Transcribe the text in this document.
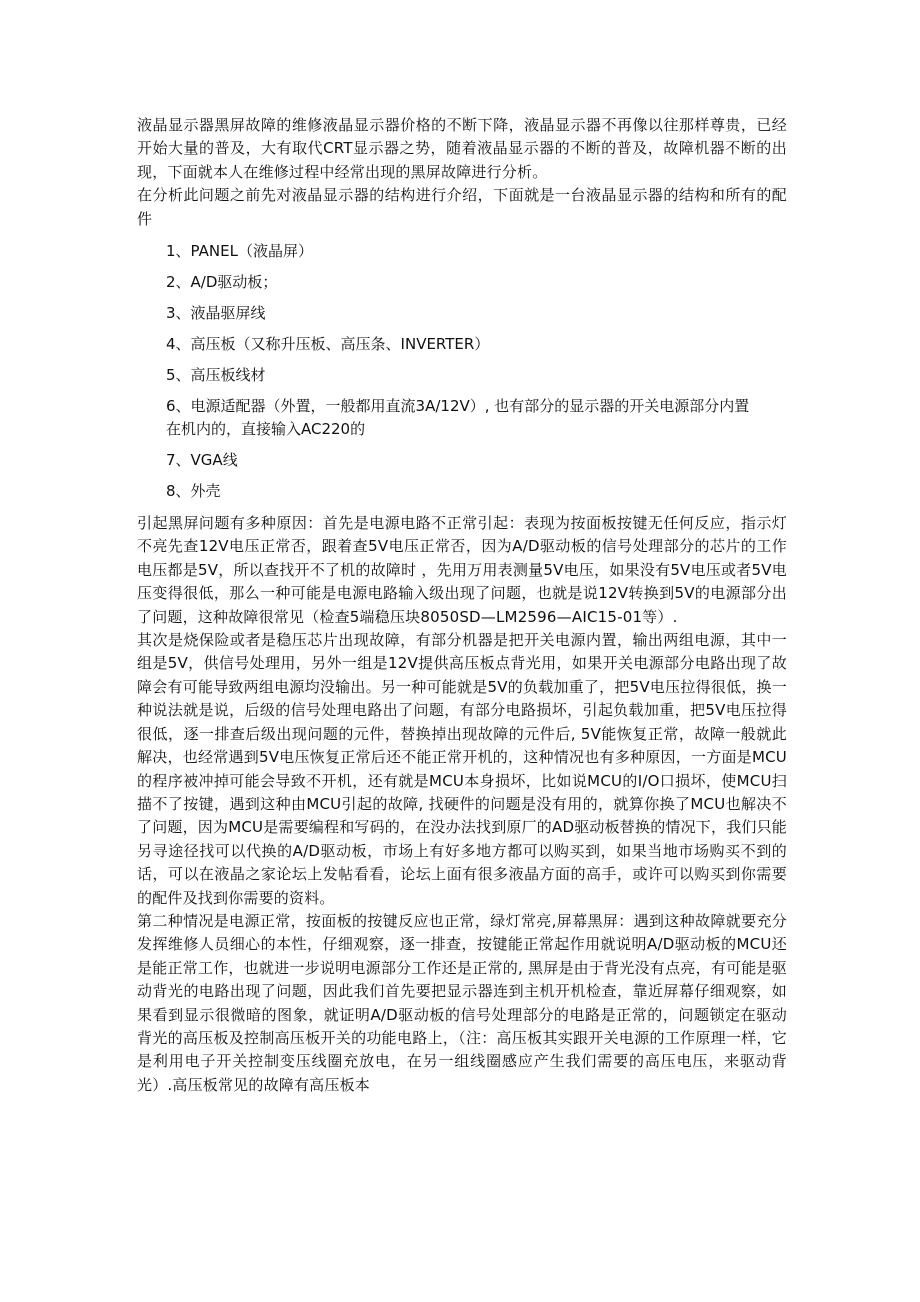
液晶显示器黑屏故障的维修液晶显示器价格的不断下降，液晶显示器不再像以往那样尊贵，已经开始大量的普及，大有取代CRT显示器之势，随着液晶显示器的不断的普及，故障机器不断的出现，下面就本人在维修过程中经常出现的黑屏故障进行分析。

在分析此问题之前先对液晶显示器的结构进行介绍，下面就是一台液晶显示器的结构和所有的配件

1、PANEL（液晶屏）
2、A/D驱动板；
3、液晶驱屏线
4、高压板（又称升压板、高压条、INVERTER）
5、高压板线材
6、电源适配器（外置，一般都用直流3A/12V）, 也有部分的显示器的开关电源部分内置在机内的，直接输入AC220的
7、VGA线
8、外壳

引起黑屏问题有多种原因：首先是电源电路不正常引起：表现为按面板按键无任何反应，指示灯不亮先查12V电压正常否，跟着查5V电压正常否，因为A/D驱动板的信号处理部分的芯片的工作电压都是5V，所以查找开不了机的故障时 ，先用万用表测量5V电压，如果没有5V电压或者5V电压变得很低，那么一种可能是电源电路输入级出现了问题，也就是说12V转换到5V的电源部分出了问题，这种故障很常见（检查5端稳压块8050SD—LM2596—AIC15-01等）.

其次是烧保险或者是稳压芯片出现故障，有部分机器是把开关电源内置，输出两组电源，其中一组是5V，供信号处理用，另外一组是12V提供高压板点背光用，如果开关电源部分电路出现了故障会有可能导致两组电源均没输出。另一种可能就是5V的负载加重了，把5V电压拉得很低，换一种说法就是说，后级的信号处理电路出了问题，有部分电路损坏，引起负载加重，把5V电压拉得很低，逐一排查后级出现问题的元件，替换掉出现故障的元件后, 5V能恢复正常，故障一般就此解决，也经常遇到5V电压恢复正常后还不能正常开机的，这种情况也有多种原因，一方面是MCU的程序被冲掉可能会导致不开机，还有就是MCU本身损坏，比如说MCU的I/O口损坏，使MCU扫描不了按键，遇到这种由MCU引起的故障, 找硬件的问题是没有用的，就算你换了MCU也解决不了问题，因为MCU是需要编程和写码的，在没办法找到原厂的AD驱动板替换的情况下，我们只能另寻途径找可以代换的A/D驱动板，市场上有好多地方都可以购买到，如果当地市场购买不到的话，可以在液晶之家论坛上发帖看看，论坛上面有很多液晶方面的高手，或许可以购买到你需要的配件及找到你需要的资料。

第二种情况是电源正常，按面板的按键反应也正常，绿灯常亮,屏幕黑屏：遇到这种故障就要充分发挥维修人员细心的本性，仔细观察，逐一排查，按键能正常起作用就说明A/D驱动板的MCU还是能正常工作，也就进一步说明电源部分工作还是正常的, 黑屏是由于背光没有点亮，有可能是驱动背光的电路出现了问题，因此我们首先要把显示器连到主机开机检查，靠近屏幕仔细观察，如果看到显示很微暗的图象，就证明A/D驱动板的信号处理部分的电路是正常的，问题锁定在驱动背光的高压板及控制高压板开关的功能电路上，（注：高压板其实跟开关电源的工作原理一样，它是利用电子开关控制变压线圈充放电，在另一组线圈感应产生我们需要的高压电压，来驱动背光）.高压板常见的故障有高压板本
